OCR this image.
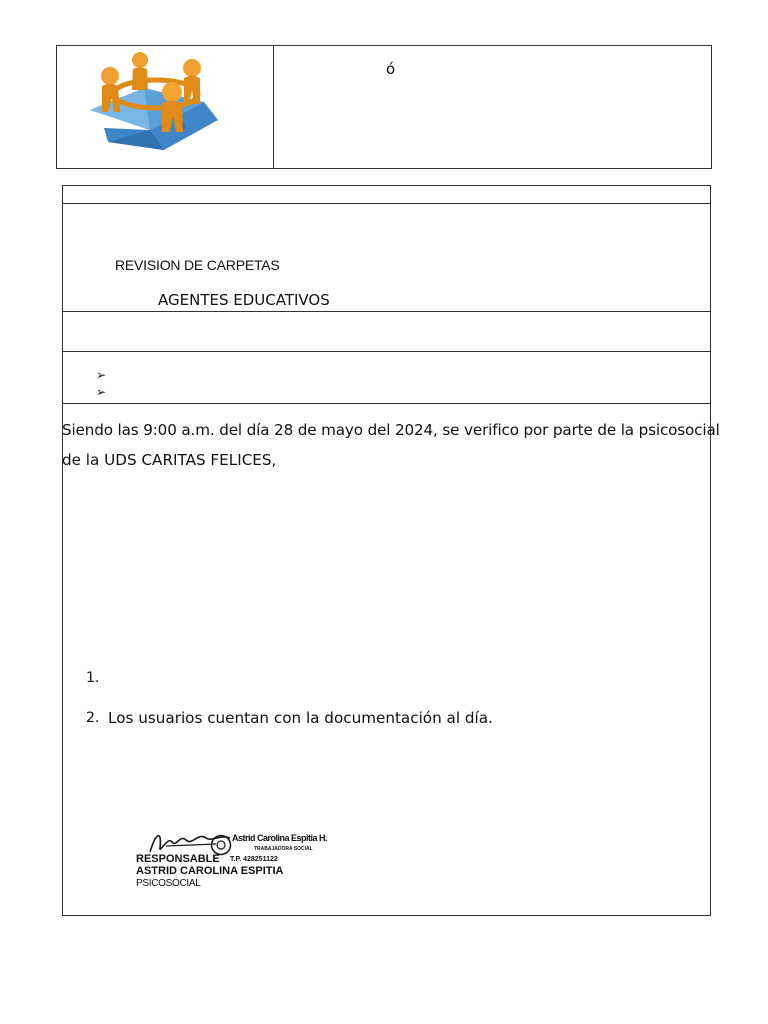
ó
REVISION DE CARPETAS
AGENTES EDUCATIVOS
➢
➢
Siendo las 9:00 a.m. del día 28 de mayo del 2024, se verifico por parte de la psicosocial
de la UDS CARITAS FELICES,
1.
2. Los usuarios cuentan con la documentación al día.
Astrid Carolina Espitia H.
TRABAJADORA SOCIAL
T.P. 428251122
RESPONSABLE
ASTRID CAROLINA ESPITIA
PSICOSOCIAL
